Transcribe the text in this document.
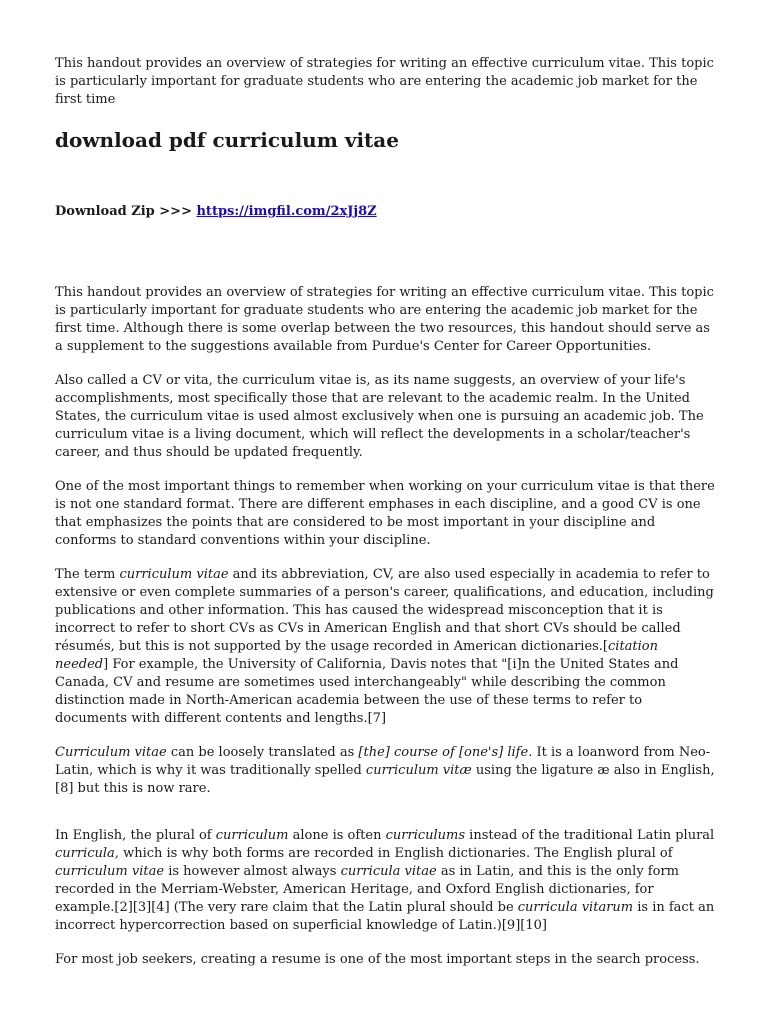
This handout provides an overview of strategies for writing an effective curriculum vitae. This topic is particularly important for graduate students who are entering the academic job market for the first time

download pdf curriculum vitae
Download Zip >>> https://imgfil.com/2xJj8Z

This handout provides an overview of strategies for writing an effective curriculum vitae. This topic is particularly important for graduate students who are entering the academic job market for the first time. Although there is some overlap between the two resources, this handout should serve as a supplement to the suggestions available from Purdue's Center for Career Opportunities.

Also called a CV or vita, the curriculum vitae is, as its name suggests, an overview of your life's accomplishments, most specifically those that are relevant to the academic realm. In the United States, the curriculum vitae is used almost exclusively when one is pursuing an academic job. The curriculum vitae is a living document, which will reflect the developments in a scholar/teacher's career, and thus should be updated frequently.

One of the most important things to remember when working on your curriculum vitae is that there is not one standard format. There are different emphases in each discipline, and a good CV is one that emphasizes the points that are considered to be most important in your discipline and conforms to standard conventions within your discipline.

The term curriculum vitae and its abbreviation, CV, are also used especially in academia to refer to extensive or even complete summaries of a person's career, qualifications, and education, including publications and other information. This has caused the widespread misconception that it is incorrect to refer to short CVs as CVs in American English and that short CVs should be called résumés, but this is not supported by the usage recorded in American dictionaries.[citation needed] For example, the University of California, Davis notes that "[i]n the United States and Canada, CV and resume are sometimes used interchangeably" while describing the common distinction made in North-American academia between the use of these terms to refer to documents with different contents and lengths.[7]

Curriculum vitae can be loosely translated as [the] course of [one's] life. It is a loanword from Neo-Latin, which is why it was traditionally spelled curriculum vitæ using the ligature æ also in English,[8] but this is now rare.

In English, the plural of curriculum alone is often curriculums instead of the traditional Latin plural curricula, which is why both forms are recorded in English dictionaries. The English plural of curriculum vitae is however almost always curricula vitae as in Latin, and this is the only form recorded in the Merriam-Webster, American Heritage, and Oxford English dictionaries, for example.[2][3][4] (The very rare claim that the Latin plural should be curricula vitarum is in fact an incorrect hypercorrection based on superficial knowledge of Latin.)[9][10]

For most job seekers, creating a resume is one of the most important steps in the search process.
